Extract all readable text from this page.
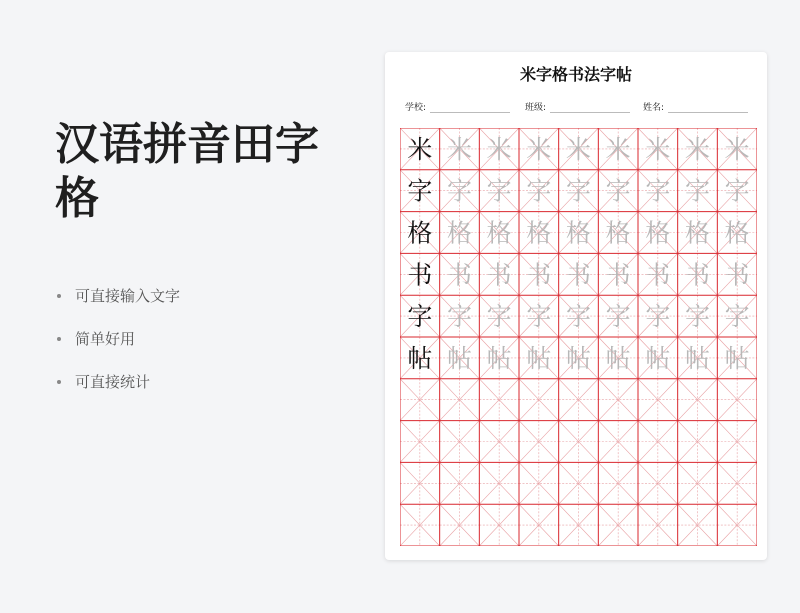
汉语拼音田字格
可直接输入文字
简单好用
可直接统计
米字格书法字帖
学校:	班级:	姓名:
米 米 米 米 米 米 米 米 米
字 字 字 字 字 字 字 字 字
格 格 格 格 格 格 格 格 格
书 书 书 书 书 书 书 书 书
字 字 字 字 字 字 字 字 字
帖 帖 帖 帖 帖 帖 帖 帖 帖
